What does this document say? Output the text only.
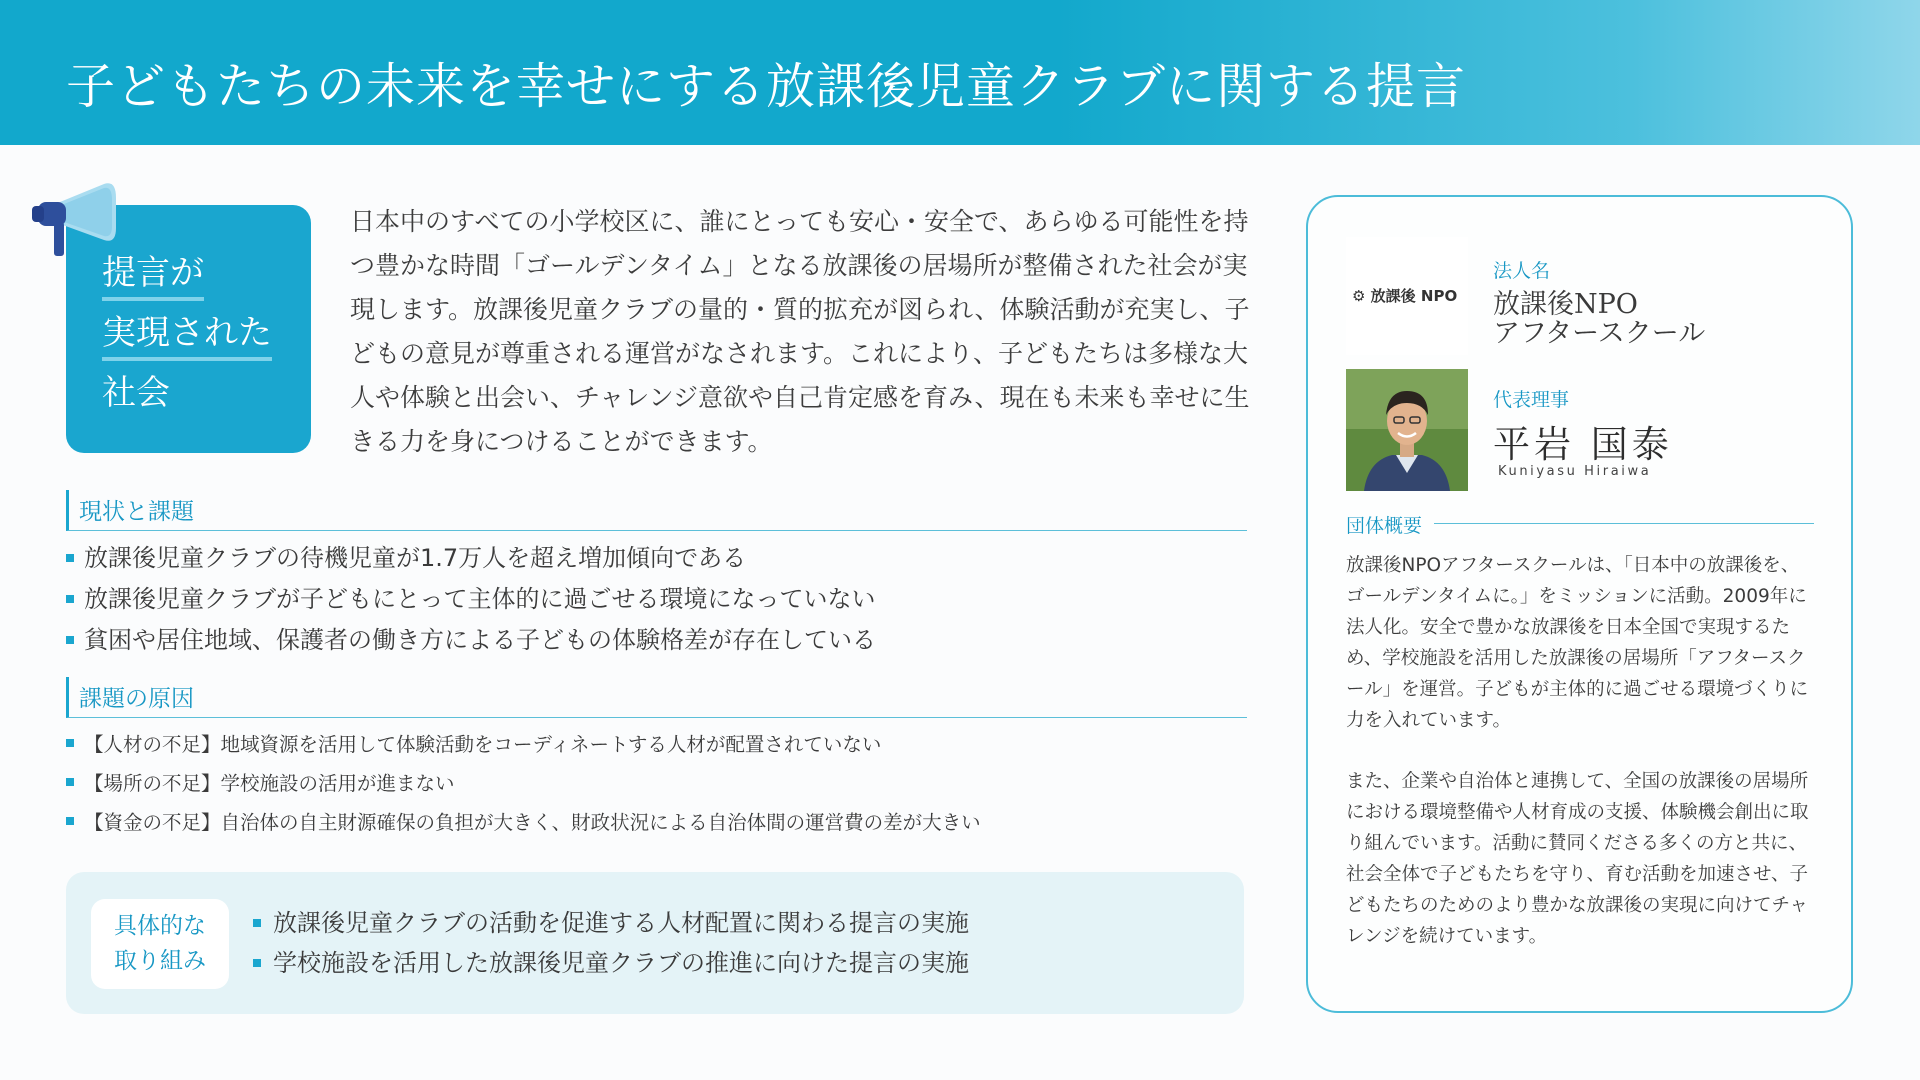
子どもたちの未来を幸せにする放課後児童クラブに関する提言
提言が
実現された
社会

日本中のすべての小学校区に、誰にとっても安心・安全で、あらゆる可能性を持つ豊かな時間「ゴールデンタイム」となる放課後の居場所が整備された社会が実現します。放課後児童クラブの量的・質的拡充が図られ、体験活動が充実し、子どもの意見が尊重される運営がなされます。これにより、子どもたちは多様な大人や体験と出会い、チャレンジ意欲や自己肯定感を育み、現在も未来も幸せに生きる力を身につけることができます。

現状と課題
放課後児童クラブの待機児童が1.7万人を超え増加傾向である
放課後児童クラブが子どもにとって主体的に過ごせる環境になっていない
貧困や居住地域、保護者の働き方による子どもの体験格差が存在している
課題の原因
【人材の不足】地域資源を活用して体験活動をコーディネートする人材が配置されていない
【場所の不足】学校施設の活用が進まない
【資金の不足】自治体の自主財源確保の負担が大きく、財政状況による自治体間の運営費の差が大きい
具体的な
取り組み
放課後児童クラブの活動を促進する人材配置に関わる提言の実施
学校施設を活用した放課後児童クラブの推進に向けた提言の実施
⚙ 放課後 NPO
法人名
放課後NPO
アフタースクール
代表理事
平岩 国泰
Kuniyasu Hiraiwa
団体概要

放課後NPOアフタースクールは、「日本中の放課後を、ゴールデンタイムに。」をミッションに活動。2009年に法人化。安全で豊かな放課後を日本全国で実現するため、学校施設を活用した放課後の居場所「アフタースクール」を運営。子どもが主体的に過ごせる環境づくりに力を入れています。

また、企業や自治体と連携して、全国の放課後の居場所における環境整備や人材育成の支援、体験機会創出に取り組んでいます。活動に賛同くださる多くの方と共に、社会全体で子どもたちを守り、育む活動を加速させ、子どもたちのためのより豊かな放課後の実現に向けてチャレンジを続けています。
